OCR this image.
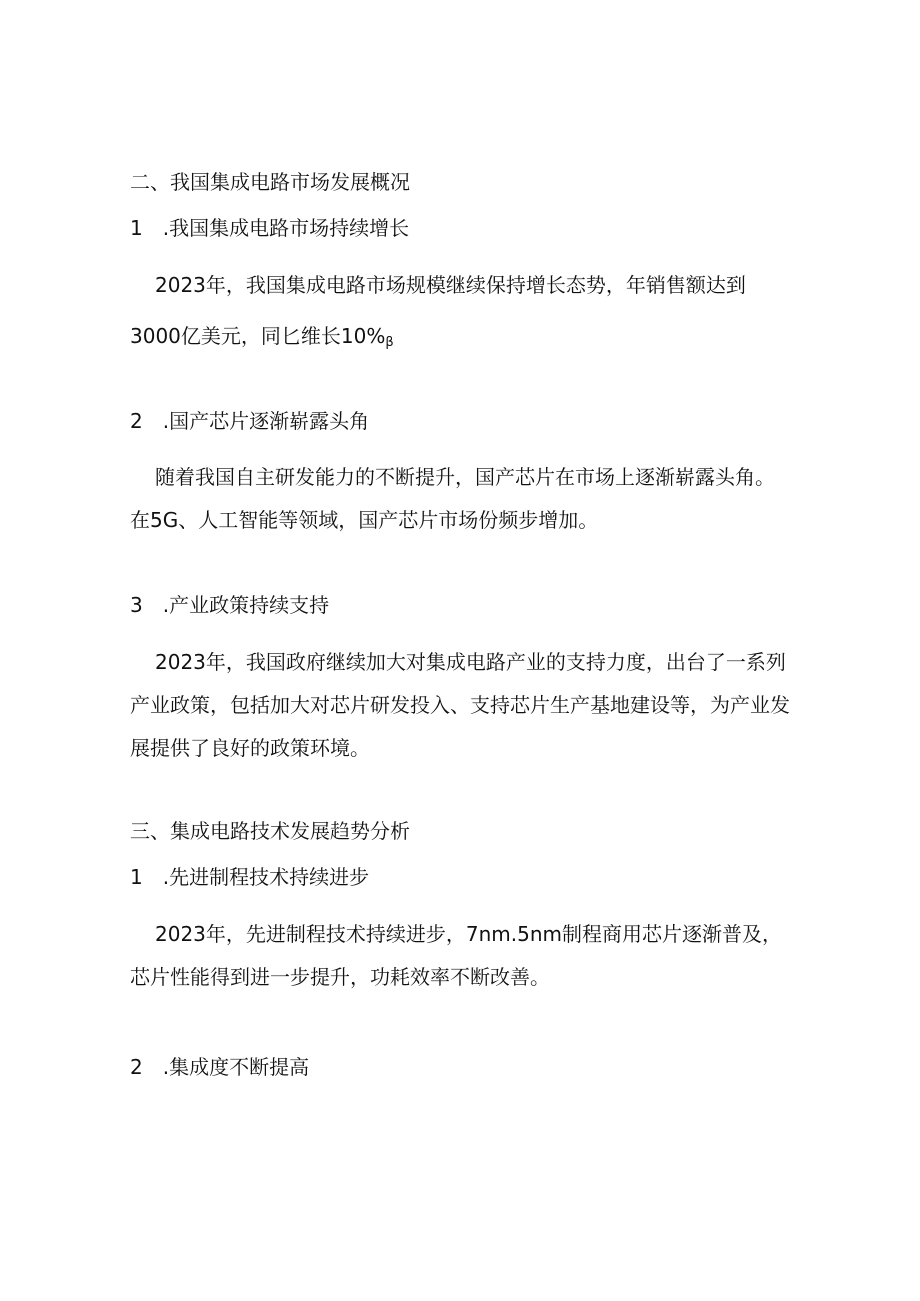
二、我国集成电路市场发展概况
1　.我国集成电路市场持续增长
2023年，我国集成电路市场规模继续保持增长态势，年销售额达到
3000亿美元，同匕维长$10\%_\beta$
2　.国产芯片逐渐崭露头角
随着我国自主研发能力的不断提升，国产芯片在市场上逐渐崭露头角。
在5G、人工智能等领域，国产芯片市场份频步增加。
3　.产业政策持续支持
2023年，我国政府继续加大对集成电路产业的支持力度，出台了一系列
产业政策，包括加大对芯片研发投入、支持芯片生产基地建设等，为产业发
展提供了良好的政策环境。
三、集成电路技术发展趋势分析
1　.先进制程技术持续进步
2023年，先进制程技术持续进步，7nm.5nm制程商用芯片逐渐普及，
芯片性能得到进一步提升，功耗效率不断改善。
2　.集成度不断提高
